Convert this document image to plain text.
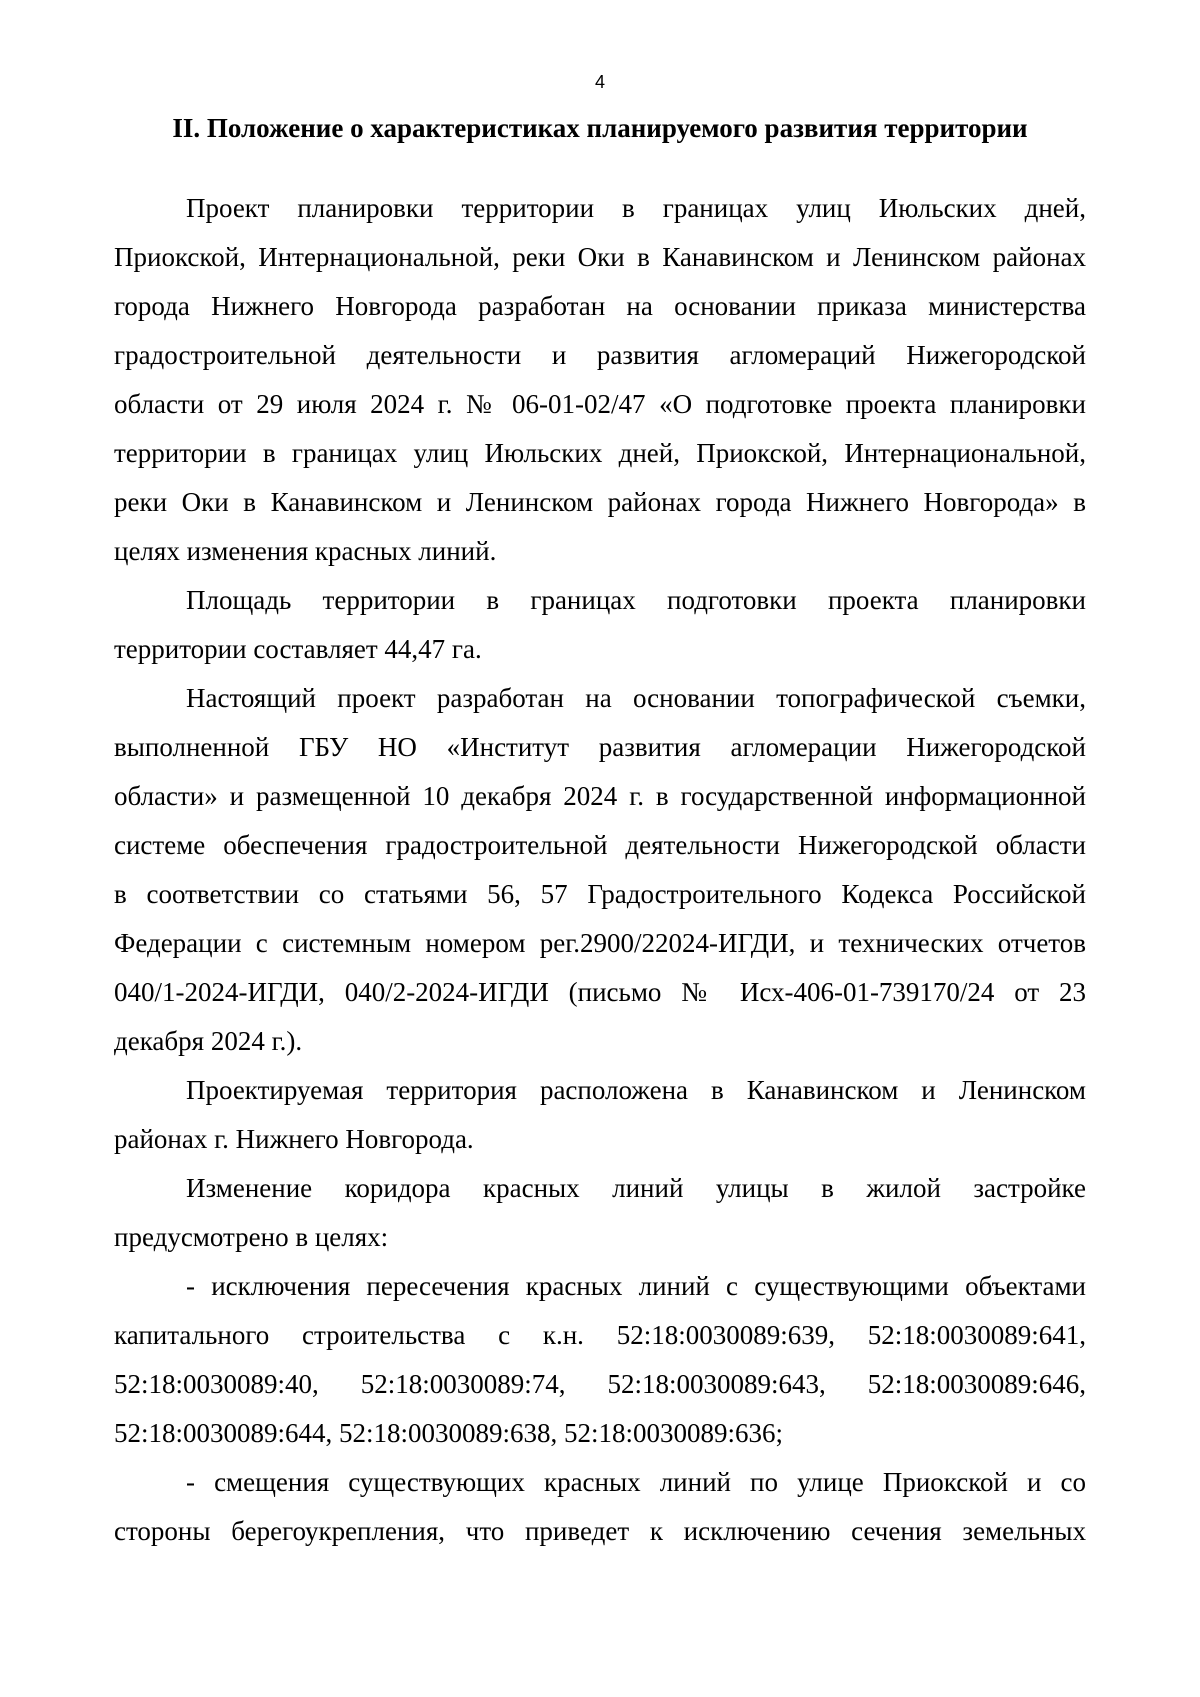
4
II. Положение о характеристиках планируемого развития территории
Проект планировки территории в границах улиц Июльских дней,
Приокской, Интернациональной, реки Оки в Канавинском и Ленинском районах
города Нижнего Новгорода разработан на основании приказа министерства
градостроительной деятельности и развития агломераций Нижегородской
области от 29 июля 2024 г. № 06-01-02/47 «О подготовке проекта планировки
территории в границах улиц Июльских дней, Приокской, Интернациональной,
реки Оки в Канавинском и Ленинском районах города Нижнего Новгорода» в
целях изменения красных линий.
Площадь территории в границах подготовки проекта планировки
территории составляет 44,47 га.
Настоящий проект разработан на основании топографической съемки,
выполненной ГБУ НО «Институт развития агломерации Нижегородской
области» и размещенной 10 декабря 2024 г. в государственной информационной
системе обеспечения градостроительной деятельности Нижегородской области
в соответствии со статьями 56, 57 Градостроительного Кодекса Российской
Федерации с системным номером рег.2900/22024-ИГДИ, и технических отчетов
040/1-2024-ИГДИ, 040/2-2024-ИГДИ (письмо № Исх-406-01-739170/24 от 23
декабря 2024 г.).
Проектируемая территория расположена в Канавинском и Ленинском
районах г. Нижнего Новгорода.
Изменение коридора красных линий улицы в жилой застройке
предусмотрено в целях:
- исключения пересечения красных линий с существующими объектами
капитального строительства с к.н. 52:18:0030089:639, 52:18:0030089:641,
52:18:0030089:40, 52:18:0030089:74, 52:18:0030089:643, 52:18:0030089:646,
52:18:0030089:644, 52:18:0030089:638, 52:18:0030089:636;
- смещения существующих красных линий по улице Приокской и со
стороны берегоукрепления, что приведет к исключению сечения земельных
